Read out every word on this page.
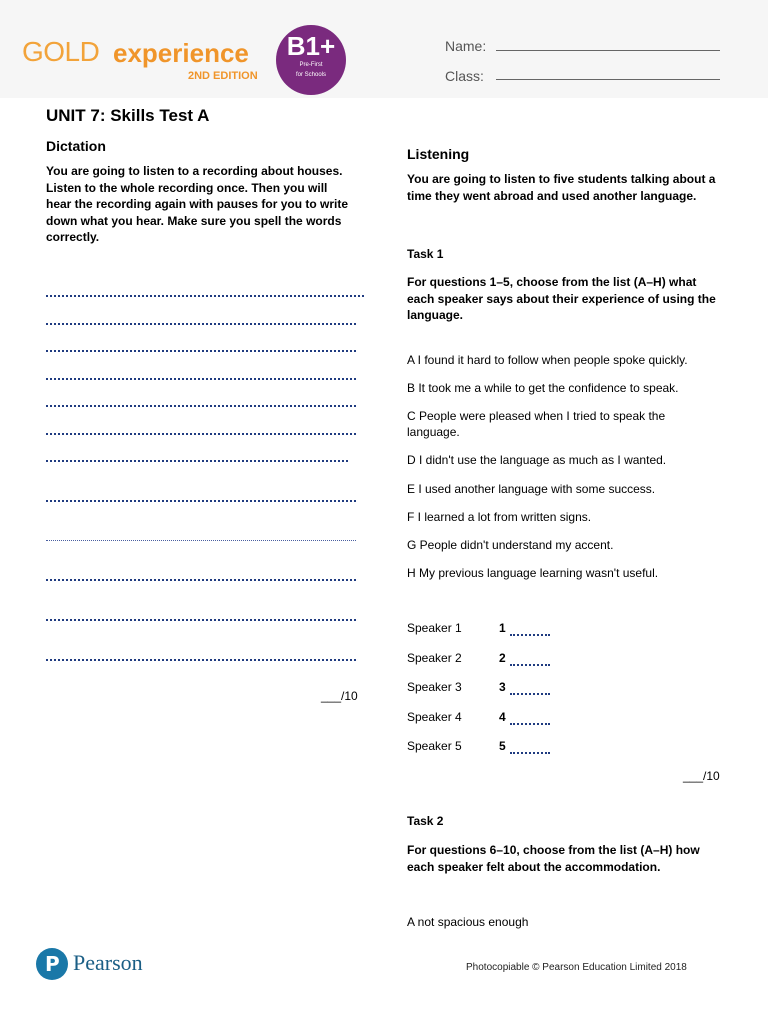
GOLD experience
2ND EDITION
B1+
Pre-First
for Schools
Name:
Class:
UNIT 7: Skills Test A
Dictation
You are going to listen to a recording about houses. Listen to the whole recording once. Then you will hear the recording again with pauses for you to write down what you hear. Make sure you spell the words correctly.
___/10
Listening
You are going to listen to five students talking about a time they went abroad and used another language.
Task 1
For questions 1–5, choose from the list (A–H) what each speaker says about their experience of using the language.
A I found it hard to follow when people spoke quickly.
B It took me a while to get the confidence to speak.
C People were pleased when I tried to speak the language.
D I didn't use the language as much as I wanted.
E I used another language with some success.
F I learned a lot from written signs.
G People didn't understand my accent.
H My previous language learning wasn't useful.
Speaker 1	1
Speaker 2	2
Speaker 3	3
Speaker 4	4
Speaker 5	5
___/10
Task 2
For questions 6–10, choose from the list (A–H) how each speaker felt about the accommodation.
A not spacious enough
P Pearson	Photocopiable © Pearson Education Limited 2018
